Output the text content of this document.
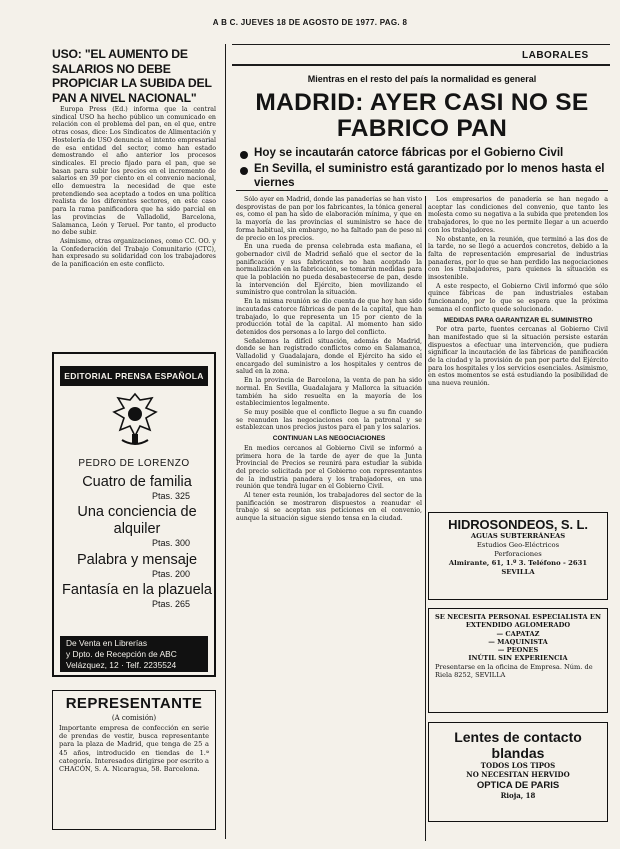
A B C. JUEVES 18 DE AGOSTO DE 1977. PAG. 8
LABORALES
USO: "EL AUMENTO DE SALARIOS NO DEBE PROPICIAR LA SUBIDA DEL PAN A NIVEL NACIONAL"

Europa Press (Ed.) informa que la central sindical USO ha hecho público un comunicado en relación con el problema del pan, en el que, entre otras cosas, dice: Los Sindicatos de Alimentación y Hostelería de USO denuncia el intento empresarial de esa entidad del sector, como han estado demostrando el año anterior los procesos sindicales. El precio fijado para el pan, que se basan para subir los precios en el incremento de salarios en 39 por ciento en el convenio nacional, ello demuestra la necesidad de que este pretendiendo sea aceptado a todos en una política realista de los diferentes sectores, en este caso para la rama panificadora que ha sido parcial en las provincias de Valladolid, Barcelona, Salamanca, León y Teruel. Por tanto, el producto no debe subir.

Asimismo, otras organizaciones, como CC. OO. y la Confederación del Trabajo Comunitario (CTC), han expresado su solidaridad con los trabajadores de la panificación en este conflicto.

EDITORIAL PRENSA ESPAÑOLA
PEDRO DE LORENZO
Cuatro de familia
Ptas. 325
Una conciencia de alquiler
Ptas. 300
Palabra y mensaje
Ptas. 200
Fantasía en la plazuela
Ptas. 265
De Venta en Librerías
y Dpto. de Recepción de ABC
Velázquez, 12 · Telf. 2235524
REPRESENTANTE
(A comisión)
Importante empresa de confección en serie de prendas de vestir, busca representante para la plaza de Madrid, que tenga de 25 a 45 años, introducido en tiendas de 1.ª categoría. Interesados dirigirse por escrito a CHACÓN, S. A. Nicaragua, 58. Barcelona.
Mientras en el resto del país la normalidad es general
MADRID: AYER CASI NO SE
FABRICO PAN
Hoy se incautarán catorce fábricas por el Gobierno Civil
En Sevilla, el suministro está garantizado por lo menos hasta el viernes

Sólo ayer en Madrid, donde las panaderías se han visto desprovistas de pan por los fabricantes, la tónica general es, como el pan ha sido de elaboración mínima, y que en la mayoría de las provincias el suministro se hace de forma habitual, sin embargo, no ha faltado pan de peso ni de precio en los precios.

En una rueda de prensa celebrada esta mañana, el gobernador civil de Madrid señaló que el sector de la panificación y sus fabricantes no han aceptado la normalización en la fabricación, se tomarán medidas para que la población no pueda desabastecerse de pan, desde la intervención del Ejército, bien movilizando el suministro que controlan la situación.

En la misma reunión se dio cuenta de que hoy han sido incautadas catorce fábricas de pan de la capital, que han trabajado, lo que representa un 15 por ciento de la producción total de la capital. Al momento han sido detenidos dos personas a lo largo del conflicto.

Señalemos la difícil situación, además de Madrid, donde se han registrado conflictos como en Salamanca, Valladolid y Guadalajara, donde el Ejército ha sido el encargado del suministro a los hospitales y centros de salud en la zona.

En la provincia de Barcelona, la venta de pan ha sido normal. En Sevilla, Guadalajara y Mallorca la situación también ha sido resuelta en la mayoría de los establecimientos legalmente.

Se muy posible que el conflicto llegue a su fin cuando se reanuden las negociaciones con la patronal y se establezcan unos precios justos para el pan y los salarios.

CONTINUAN LAS NEGOCIACIONES

En medios cercanos al Gobierno Civil se informó a primera hora de la tarde de ayer de que la Junta Provincial de Precios se reunirá para estudiar la subida del precio solicitada por el Gobierno con representantes de la industria panadera y los trabajadores, en una reunión que tendrá lugar en el Gobierno Civil.

Al tener esta reunión, los trabajadores del sector de la panificación se mostraron dispuestos a reanudar el trabajo si se aceptan sus peticiones en el convenio, aunque la situación sigue siendo tensa en la ciudad.

Los empresarios de panadería se han negado a aceptar las condiciones del convenio, que tanto les molesta como su negativa a la subida que pretenden los trabajadores, lo que no les permite llegar a un acuerdo con los trabajadores.

No obstante, en la reunión, que terminó a las dos de la tarde, no se llegó a acuerdos concretos, debido a la falta de representación empresarial de industrias panaderas, por lo que se han perdido las negociaciones con los trabajadores, para quienes la situación es insostenible.

A este respecto, el Gobierno Civil informó que sólo quince fábricas de pan industriales estaban funcionando, por lo que se espera que la próxima semana el conflicto quede solucionado.

MEDIDAS PARA GARANTIZAR EL SUMINISTRO

Por otra parte, fuentes cercanas al Gobierno Civil han manifestado que si la situación persiste estarán dispuestos a efectuar una intervención, que pudiera significar la incautación de las fábricas de panificación de la ciudad y la provisión de pan por parte del Ejército para los hospitales y los servicios esenciales. Asimismo, en estos momentos se está estudiando la posibilidad de una nueva reunión.

HIDROSONDEOS, S. L.
AGUAS SUBTERRÁNEAS
Estudios Geo-Eléctricos
Perforaciones
Almirante, 61, 1.º 3. Teléfono - 2631
SEVILLA
SE NECESITA PERSONAL ESPECIALISTA EN EXTENDIDO AGLOMERADO
— CAPATAZ
— MAQUINISTA
— PEONES
INÚTIL SIN EXPERIENCIA
Presentarse en la oficina de Empresa. Núm. de Riela 8252, SEVILLA
Lentes de contacto
blandas
TODOS LOS TIPOS
NO NECESITAN HERVIDO
OPTICA DE PARIS
Rioja, 18
